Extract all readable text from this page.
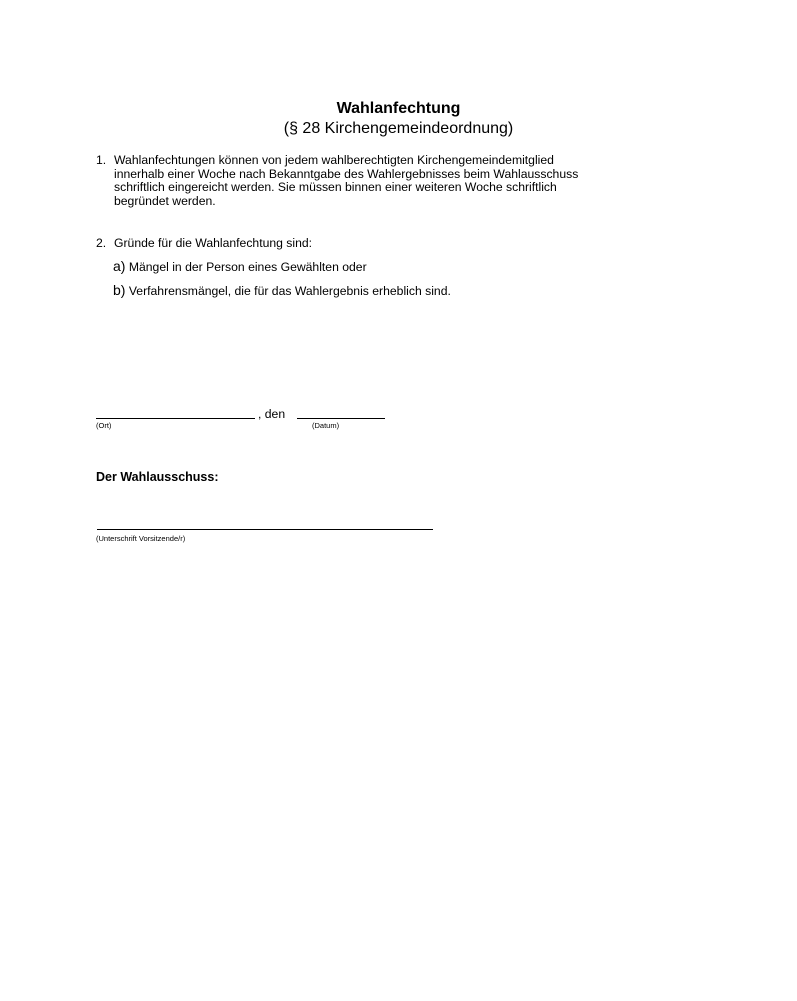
Wahlanfechtung
(§ 28 Kirchengemeindeordnung)
1. Wahlanfechtungen können von jedem wahlberechtigten Kirchengemeindemitglied
innerhalb einer Woche nach Bekanntgabe des Wahlergebnisses beim Wahlausschuss
schriftlich eingereicht werden. Sie müssen binnen einer weiteren Woche schriftlich
begründet werden.
2. Gründe für die Wahlanfechtung sind:
a) Mängel in der Person eines Gewählten oder
b) Verfahrensmängel, die für das Wahlergebnis erheblich sind.
, den
(Ort)	(Datum)
Der Wahlausschuss:
(Unterschrift Vorsitzende/r)
